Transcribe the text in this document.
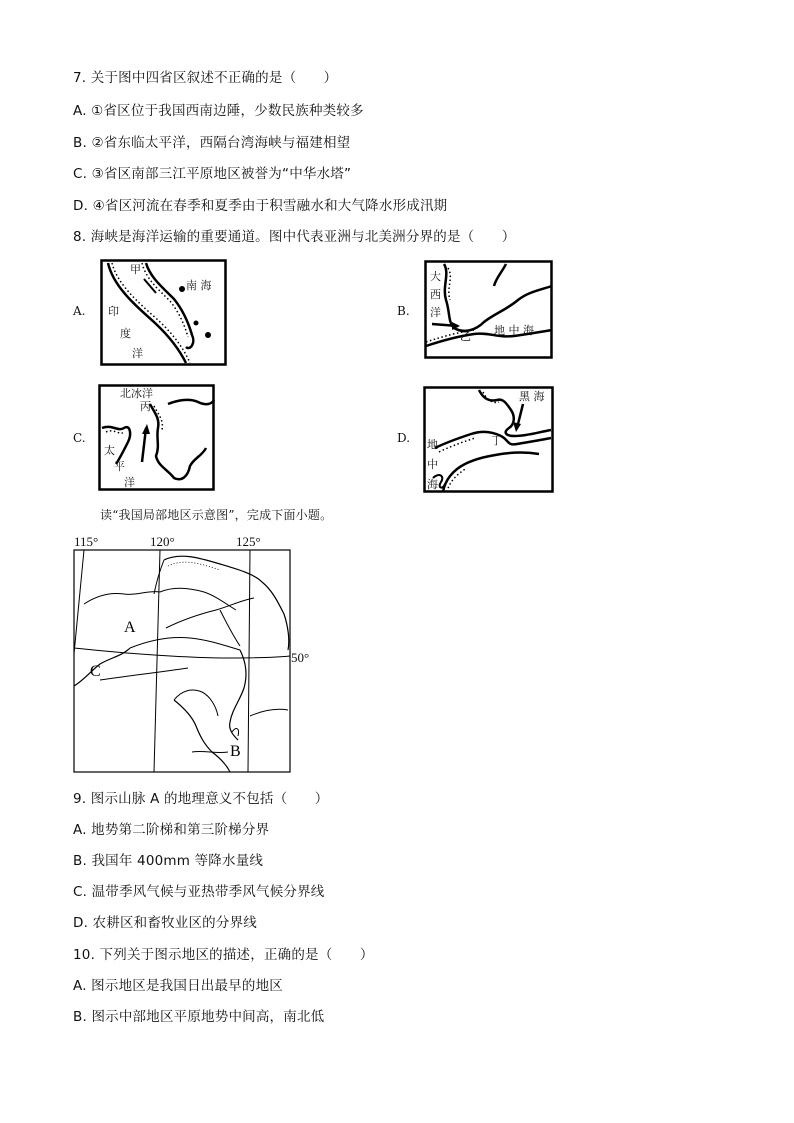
7. 关于图中四省区叙述不正确的是（　　）
A. ①省区位于我国西南边陲，少数民族种类较多
B. ②省东临太平洋，西隔台湾海峡与福建相望
C. ③省区南部三江平原地区被誉为“中华水塔”
D. ④省区河流在春季和夏季由于积雪融水和大气降水形成汛期
8. 海峡是海洋运输的重要通道。图中代表亚洲与北美洲分界的是（　　）
A.
甲
南 海
印
度
洋
B.
大
西
洋
乙 地 中 海
C.
北冰洋
丙
太
平
洋
D.
黑 海
丁
地
中
海
读“我国局部地区示意图”，完成下面小题。
115°	120°	125°
50°
A
B
C
9. 图示山脉 A 的地理意义不包括（　　）
A. 地势第二阶梯和第三阶梯分界
B. 我国年 400mm 等降水量线
C. 温带季风气候与亚热带季风气候分界线
D. 农耕区和畜牧业区的分界线
10. 下列关于图示地区的描述，正确的是（　　）
A. 图示地区是我国日出最早的地区
B. 图示中部地区平原地势中间高，南北低
